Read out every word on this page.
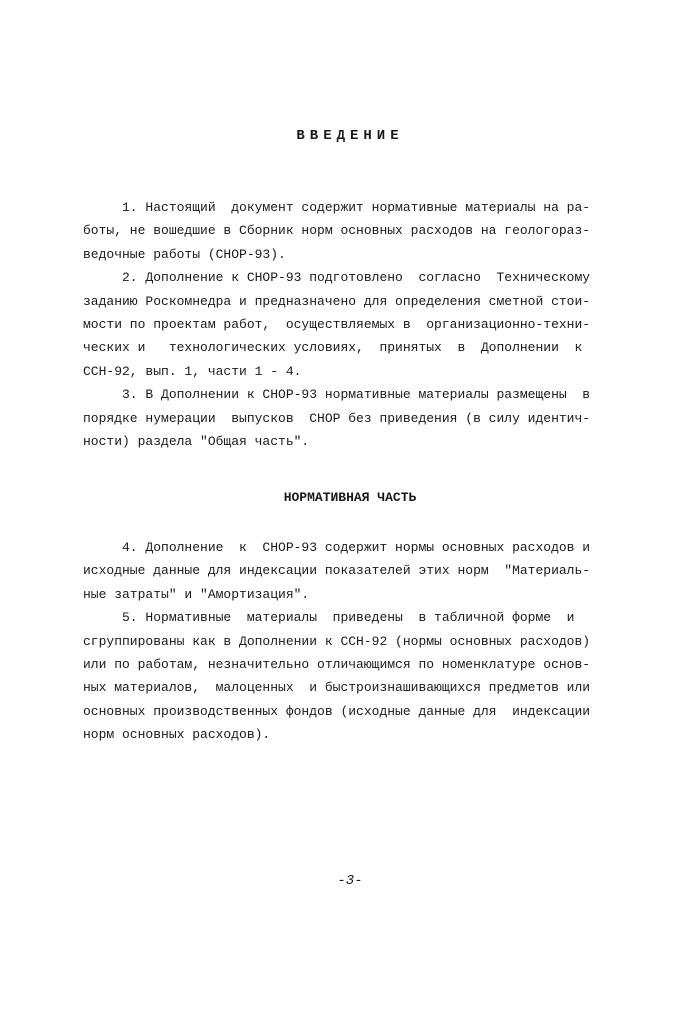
ВВЕДЕНИЕ
1. Настоящий  документ содержит нормативные материалы на ра-
боты, не вошедшие в Сборник норм основных расходов на геологораз-
ведочные работы (СНОР-93).
2. Дополнение к СНОР-93 подготовлено  согласно  Техническому
заданию Роскомнедра и предназначено для определения сметной стои-
мости по проектам работ,  осуществляемых в  организационно-техни-
ческих и   технологических условиях,  принятых  в  Дополнении  к
ССН-92, вып. 1, части 1 - 4.
3. В Дополнении к СНОР-93 нормативные материалы размещены  в
порядке нумерации  выпусков  СНОР без приведения (в силу идентич-
ности) раздела "Общая часть".
НОРМАТИВНАЯ ЧАСТЬ
4. Дополнение  к  СНОР-93 содержит нормы основных расходов и
исходные данные для индексации показателей этих норм  "Материаль-
ные затраты" и "Амортизация".
5. Нормативные  материалы  приведены  в табличной форме  и
сгруппированы как в Дополнении к ССН-92 (нормы основных расходов)
или по работам, незначительно отличающимся по номенклатуре основ-
ных материалов,  малоценных  и быстроизнашивающихся предметов или
основных производственных фондов (исходные данные для  индексации
норм основных расходов).
-3-
